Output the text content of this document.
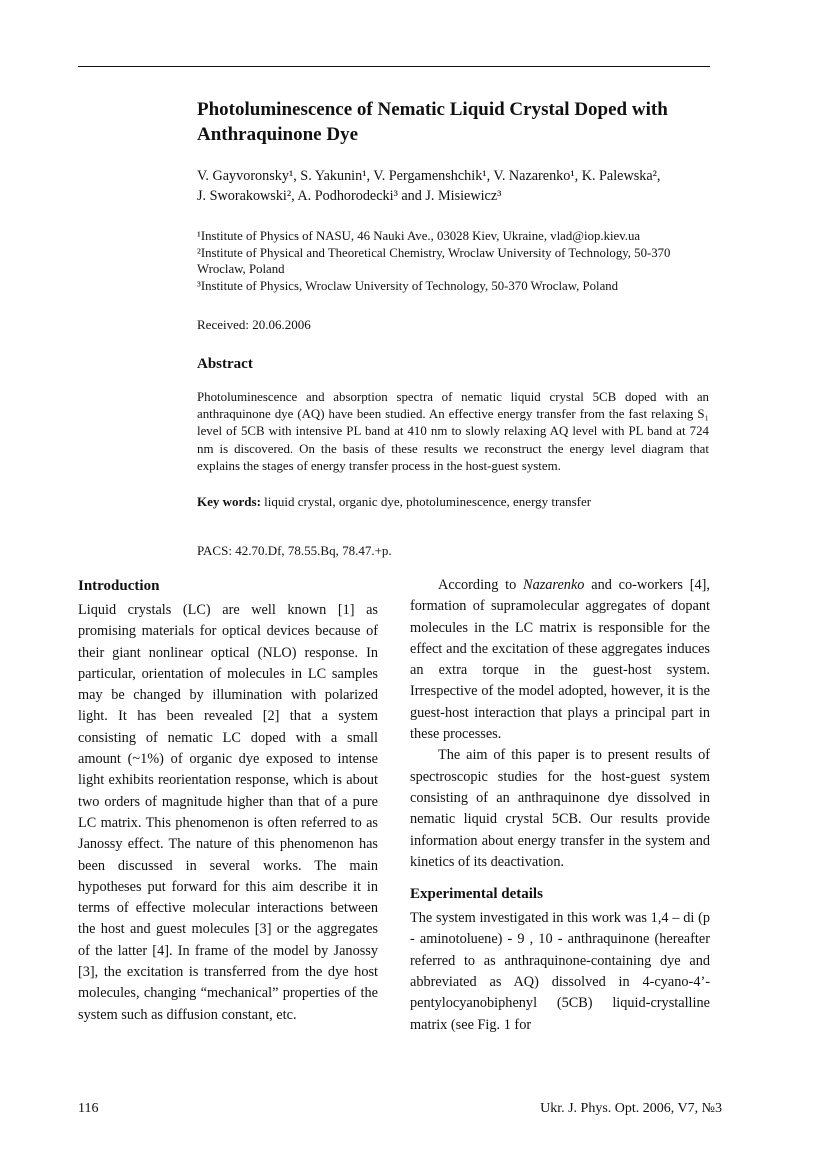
Photoluminescence of Nematic Liquid Crystal Doped with Anthraquinone Dye
V. Gayvoronsky¹, S. Yakunin¹, V. Pergamenshchik¹, V. Nazarenko¹, K. Palewska²,
J. Sworakowski², A. Podhorodecki³ and J. Misiewicz³
¹Institute of Physics of NASU, 46 Nauki Ave., 03028 Kiev, Ukraine, vlad@iop.kiev.ua
²Institute of Physical and Theoretical Chemistry, Wroclaw University of Technology, 50-370 Wroclaw, Poland
³Institute of Physics, Wroclaw University of Technology, 50-370 Wroclaw, Poland
Received: 20.06.2006
Abstract
Photoluminescence and absorption spectra of nematic liquid crystal 5CB doped with an anthraquinone dye (AQ) have been studied. An effective energy transfer from the fast relaxing S₁ level of 5CB with intensive PL band at 410 nm to slowly relaxing AQ level with PL band at 724 nm is discovered. On the basis of these results we reconstruct the energy level diagram that explains the stages of energy transfer process in the host-guest system.
Key words: liquid crystal, organic dye, photoluminescence, energy transfer
PACS: 42.70.Df, 78.55.Bq, 78.47.+p.
Introduction

Liquid crystals (LC) are well known [1] as promising materials for optical devices because of their giant nonlinear optical (NLO) response. In particular, orientation of molecules in LC samples may be changed by illumination with polarized light. It has been revealed [2] that a system consisting of nematic LC doped with a small amount (~1%) of organic dye exposed to intense light exhibits reorientation response, which is about two orders of magnitude higher than that of a pure LC matrix. This phenomenon is often referred to as Janossy effect. The nature of this phenomenon has been discussed in several works. The main hypotheses put forward for this aim describe it in terms of effective molecular interactions between the host and guest molecules [3] or the aggregates of the latter [4]. In frame of the model by Janossy [3], the excitation is transferred from the dye host molecules, changing “mechanical” properties of the system such as diffusion constant, etc.

According to Nazarenko and co-workers [4], formation of supramolecular aggregates of dopant molecules in the LC matrix is responsible for the effect and the excitation of these aggregates induces an extra torque in the guest-host system. Irrespective of the model adopted, however, it is the guest-host interaction that plays a principal part in these processes.

The aim of this paper is to present results of spectroscopic studies for the host-guest system consisting of an anthraquinone dye dissolved in nematic liquid crystal 5CB. Our results provide information about energy transfer in the system and kinetics of its deactivation.

Experimental details

The system investigated in this work was 1,4 – di (p - aminotoluene) - 9 , 10 - anthraquinone (hereafter referred to as anthraquinone-containing dye and abbreviated as AQ) dissolved in 4-cyano-4’-pentylocyanobiphenyl (5CB) liquid-crystalline matrix (see Fig. 1 for

116	Ukr. J. Phys. Opt. 2006, V7, №3
